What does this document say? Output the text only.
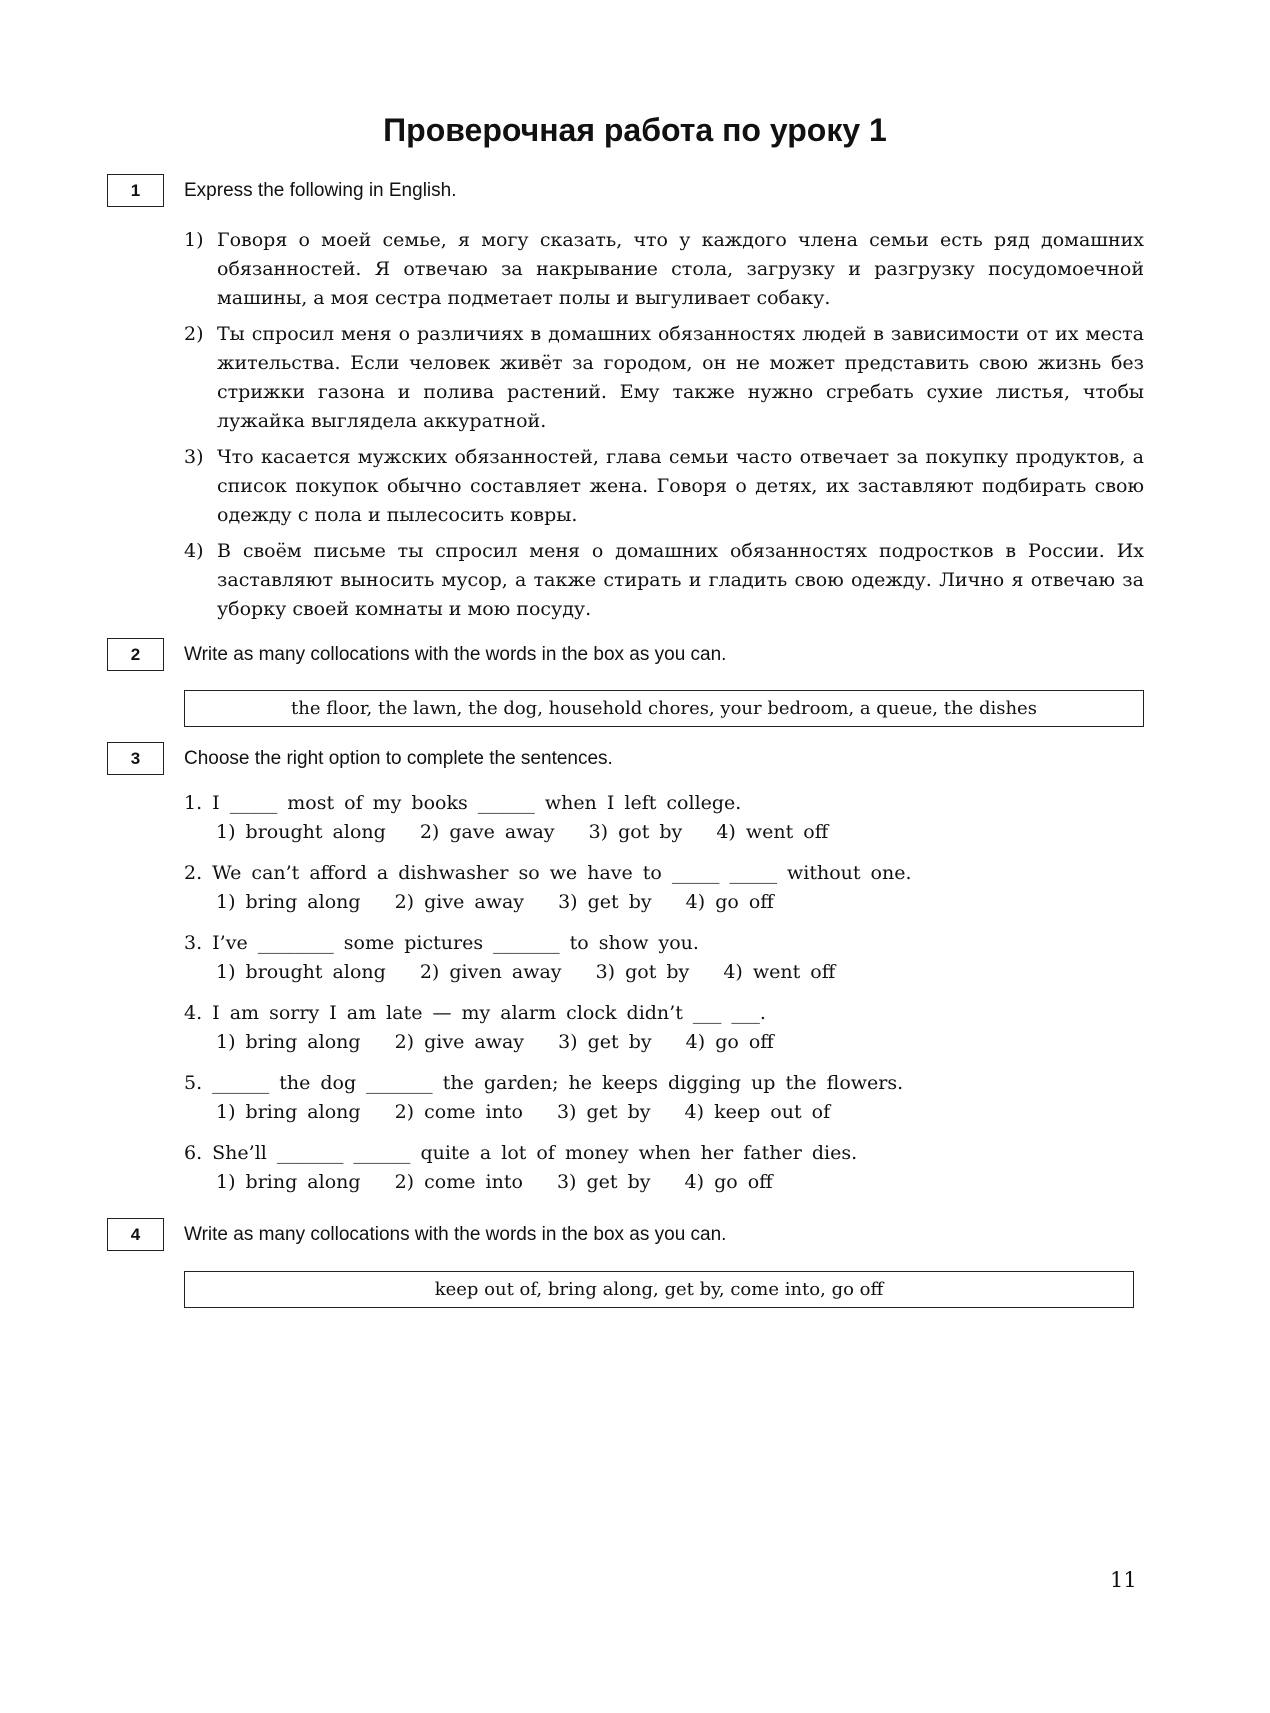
Проверочная работа по уроку 1
1	Express the following in English.
1) Говоря о моей семье, я могу сказать, что у каждого члена семьи есть ряд домашних обязанностей. Я отвечаю за накрывание стола, загрузку и разгрузку посудомоечной машины, а моя сестра подметает полы и выгуливает собаку.
2) Ты спросил меня о различиях в домашних обязанностях людей в зависимости от их места жительства. Если человек живёт за городом, он не может представить свою жизнь без стрижки газона и полива растений. Ему также нужно сгребать сухие листья, чтобы лужайка выглядела аккуратной.
3) Что касается мужских обязанностей, глава семьи часто отвечает за покупку продуктов, а список покупок обычно составляет жена. Говоря о детях, их заставляют подбирать свою одежду с пола и пылесосить ковры.
4) В своём письме ты спросил меня о домашних обязанностях подростков в России. Их заставляют выносить мусор, а также стирать и гладить свою одежду. Лично я отвечаю за уборку своей комнаты и мою посуду.
2	Write as many collocations with the words in the box as you can.
the floor, the lawn, the dog, household chores, your bedroom, a queue, the dishes
3	Choose the right option to complete the sentences.
1. I _____ most of my books ______ when I left college.
1) brought along 2) gave away 3) got by 4) went off
2. We can’t afford a dishwasher so we have to _____ _____ without one.
1) bring along 2) give away 3) get by 4) go off
3. I’ve ________ some pictures _______ to show you.
1) brought along 2) given away 3) got by 4) went off
4. I am sorry I am late — my alarm clock didn’t ___ ___.
1) bring along 2) give away 3) get by 4) go off
5. ______ the dog _______ the garden; he keeps digging up the flowers.
1) bring along 2) come into 3) get by 4) keep out of
6. She’ll _______ ______ quite a lot of money when her father dies.
1) bring along 2) come into 3) get by 4) go off
4	Write as many collocations with the words in the box as you can.
keep out of, bring along, get by, come into, go off
11
